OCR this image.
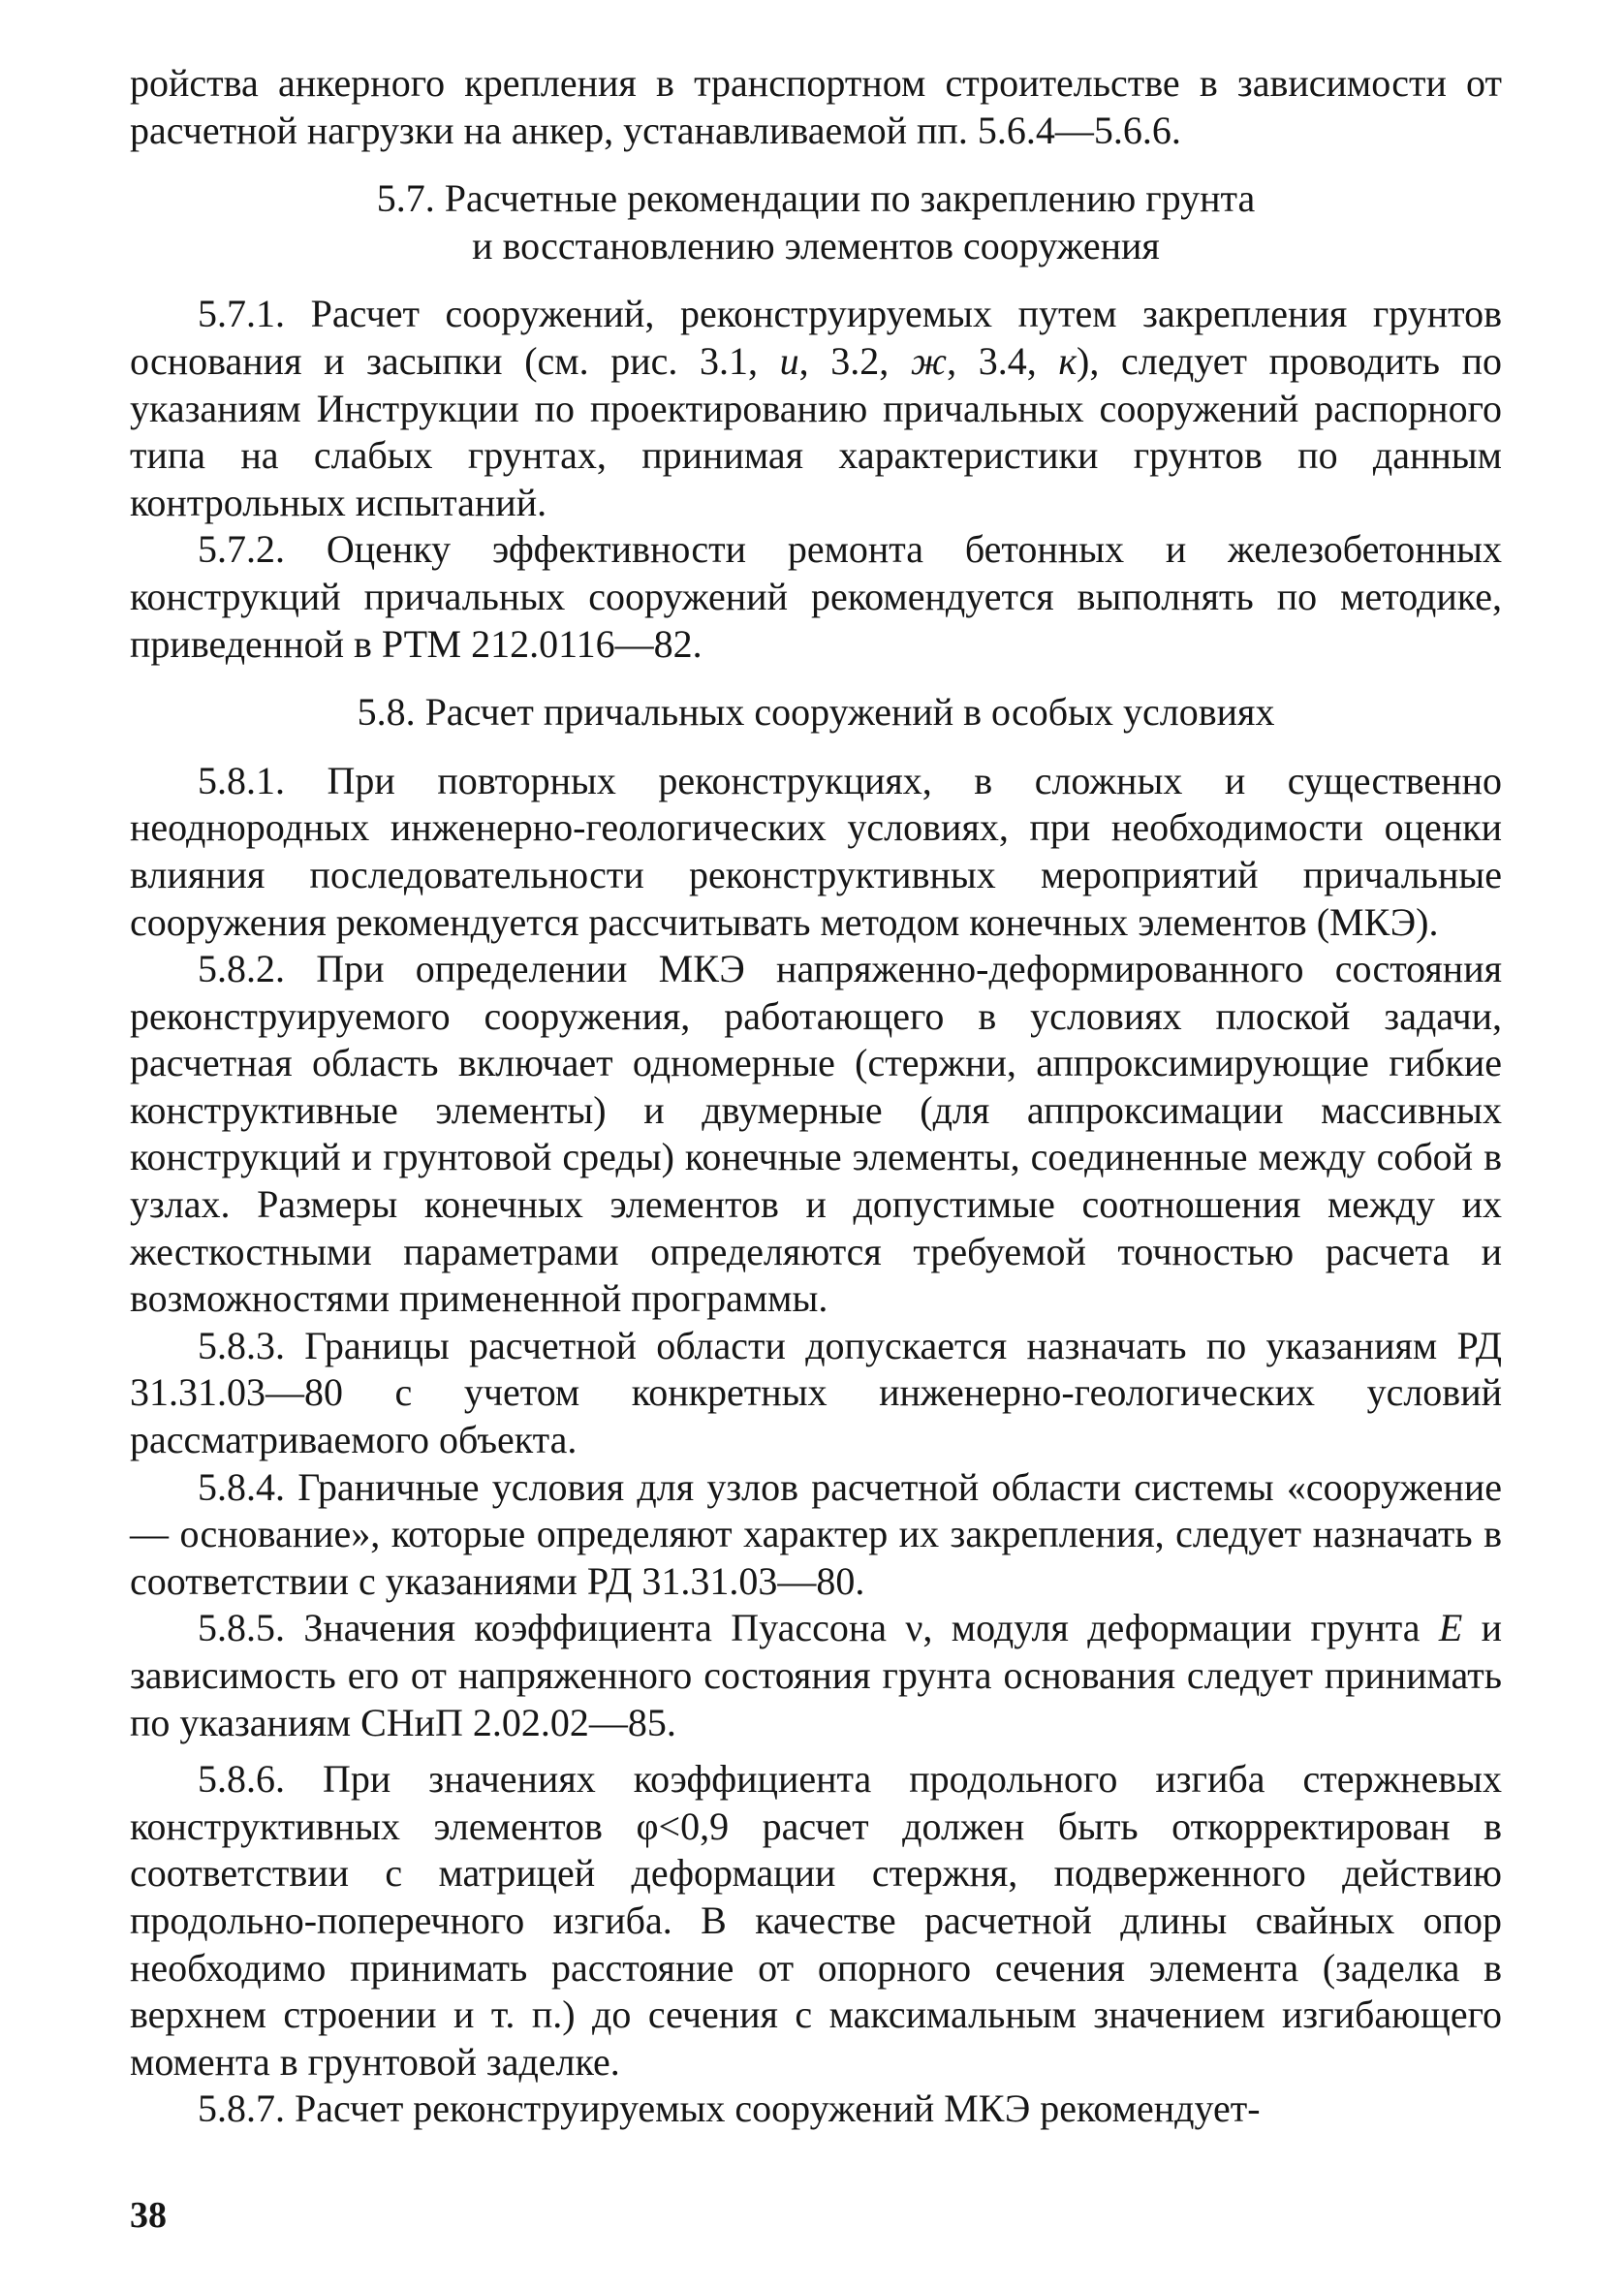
ройства анкерного крепления в транспортном строительстве в зависимости от расчетной нагрузки на анкер, устанавливаемой пп. 5.6.4—5.6.6.

5.7. Расчетные рекомендации по закреплению грунта
и восстановлению элементов сооружения

5.7.1. Расчет сооружений, реконструируемых путем закрепления грунтов основания и засыпки (см. рис. 3.1, и, 3.2, ж, 3.4, к), следует проводить по указаниям Инструкции по проектированию причальных сооружений распорного типа на слабых грунтах, принимая характеристики грунтов по данным контрольных испытаний.

5.7.2. Оценку эффективности ремонта бетонных и железобетонных конструкций причальных сооружений рекомендуется выполнять по методике, приведенной в РТМ 212.0116—82.

5.8. Расчет причальных сооружений в особых условиях

5.8.1. При повторных реконструкциях, в сложных и существенно неоднородных инженерно-геологических условиях, при необходимости оценки влияния последовательности реконструктивных мероприятий причальные сооружения рекомендуется рассчитывать методом конечных элементов (МКЭ).

5.8.2. При определении МКЭ напряженно-деформированного состояния реконструируемого сооружения, работающего в условиях плоской задачи, расчетная область включает одномерные (стержни, аппроксимирующие гибкие конструктивные элементы) и двумерные (для аппроксимации массивных конструкций и грунтовой среды) конечные элементы, соединенные между собой в узлах. Размеры конечных элементов и допустимые соотношения между их жесткостными параметрами определяются требуемой точностью расчета и возможностями примененной программы.

5.8.3. Границы расчетной области допускается назначать по указаниям РД 31.31.03—80 с учетом конкретных инженерно-геологических условий рассматриваемого объекта.

5.8.4. Граничные условия для узлов расчетной области системы «сооружение — основание», которые определяют характер их закрепления, следует назначать в соответствии с указаниями РД 31.31.03—80.

5.8.5. Значения коэффициента Пуассона ν, модуля деформации грунта E и зависимость его от напряженного состояния грунта основания следует принимать по указаниям СНиП 2.02.02—85.

5.8.6. При значениях коэффициента продольного изгиба стержневых конструктивных элементов φ<0,9 расчет должен быть откорректирован в соответствии с матрицей деформации стержня, подверженного действию продольно-поперечного изгиба. В качестве расчетной длины свайных опор необходимо принимать расстояние от опорного сечения элемента (заделка в верхнем строении и т. п.) до сечения с максимальным значением изгибающего момента в грунтовой заделке.

5.8.7. Расчет реконструируемых сооружений МКЭ рекомендует-

38
